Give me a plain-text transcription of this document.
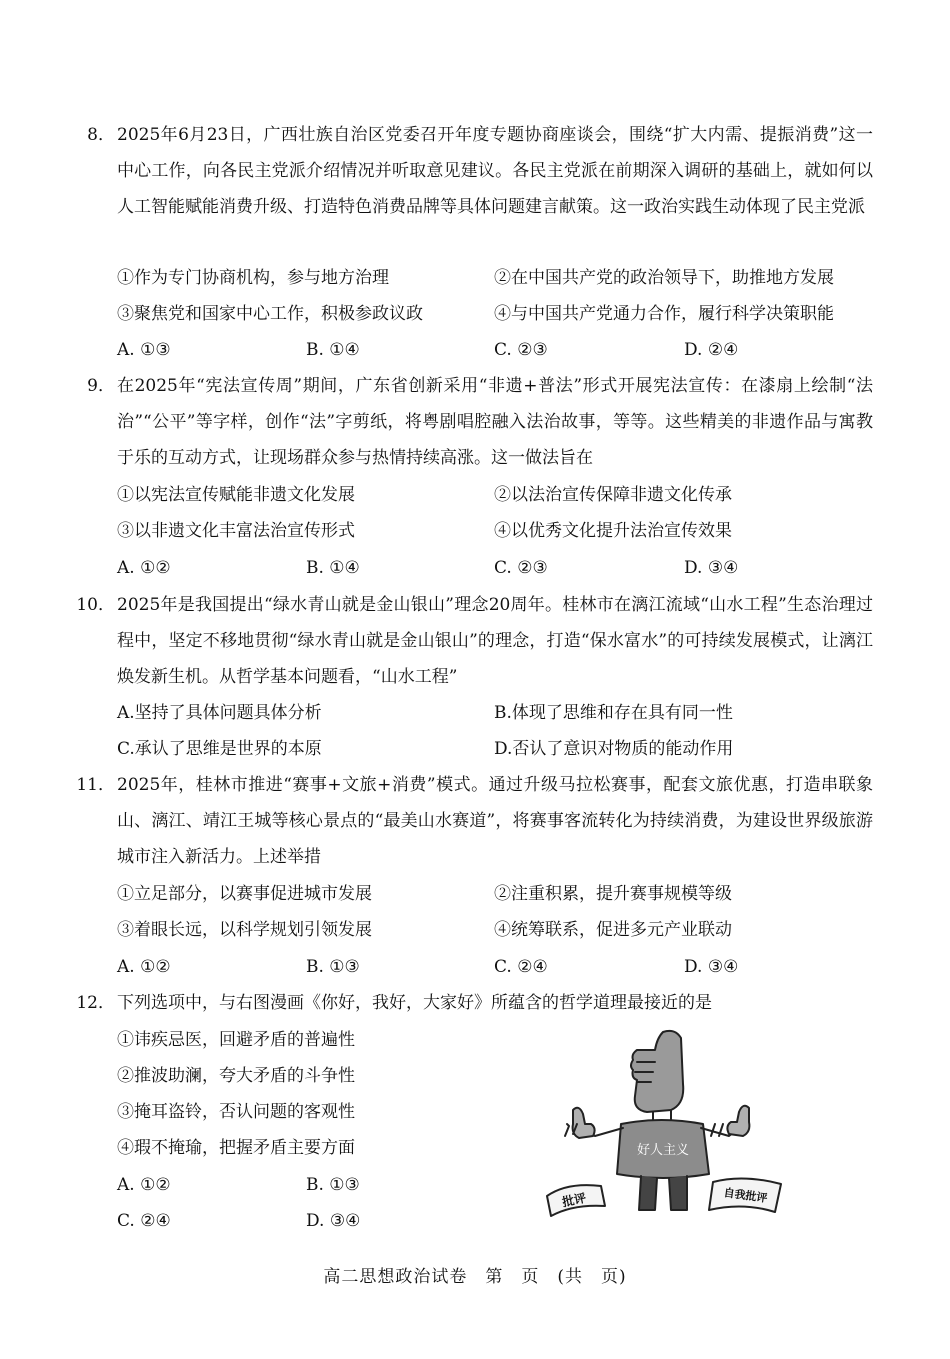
8． 2025年6月23日，广西壮族自治区党委召开年度专题协商座谈会，围绕“扩大内需、提振消费”这一中心工作，向各民主党派介绍情况并听取意见建议。各民主党派在前期深入调研的基础上，就如何以人工智能赋能消费升级、打造特色消费品牌等具体问题建言献策。这一政治实践生动体现了民主党派
①作为专门协商机构，参与地方治理	②在中国共产党的政治领导下，助推地方发展
③聚焦党和国家中心工作，积极参政议政	④与中国共产党通力合作，履行科学决策职能
A. ①③	B. ①④	C. ②③	D. ②④
9． 在2025年“宪法宣传周”期间，广东省创新采用“非遗+普法”形式开展宪法宣传：在漆扇上绘制“法治”“公平”等字样，创作“法”字剪纸，将粤剧唱腔融入法治故事，等等。这些精美的非遗作品与寓教于乐的互动方式，让现场群众参与热情持续高涨。这一做法旨在
①以宪法宣传赋能非遗文化发展	②以法治宣传保障非遗文化传承
③以非遗文化丰富法治宣传形式	④以优秀文化提升法治宣传效果
A. ①②	B. ①④	C. ②③	D. ③④
10． 2025年是我国提出“绿水青山就是金山银山”理念20周年。桂林市在漓江流域“山水工程”生态治理过程中，坚定不移地贯彻“绿水青山就是金山银山”的理念，打造“保水富水”的可持续发展模式，让漓江焕发新生机。从哲学基本问题看，“山水工程”
A.坚持了具体问题具体分析	B.体现了思维和存在具有同一性
C.承认了思维是世界的本原	D.否认了意识对物质的能动作用
11． 2025年，桂林市推进“赛事+文旅+消费”模式。通过升级马拉松赛事，配套文旅优惠，打造串联象山、漓江、靖江王城等核心景点的“最美山水赛道”，将赛事客流转化为持续消费，为建设世界级旅游城市注入新活力。上述举措
①立足部分，以赛事促进城市发展	②注重积累，提升赛事规模等级
③着眼长远，以科学规划引领发展	④统筹联系，促进多元产业联动
A. ①②	B. ①③	C. ②④	D. ③④
12． 下列选项中，与右图漫画《你好，我好，大家好》所蕴含的哲学道理最接近的是
①讳疾忌医，回避矛盾的普遍性
②推波助澜，夸大矛盾的斗争性
③掩耳盗铃，否认问题的客观性
④瑕不掩瑜，把握矛盾主要方面
A. ①②	B. ①③
C. ②④	D. ③④
好人主义
批评	自我批评
高二思想政治试卷　第　页　(共　页)
